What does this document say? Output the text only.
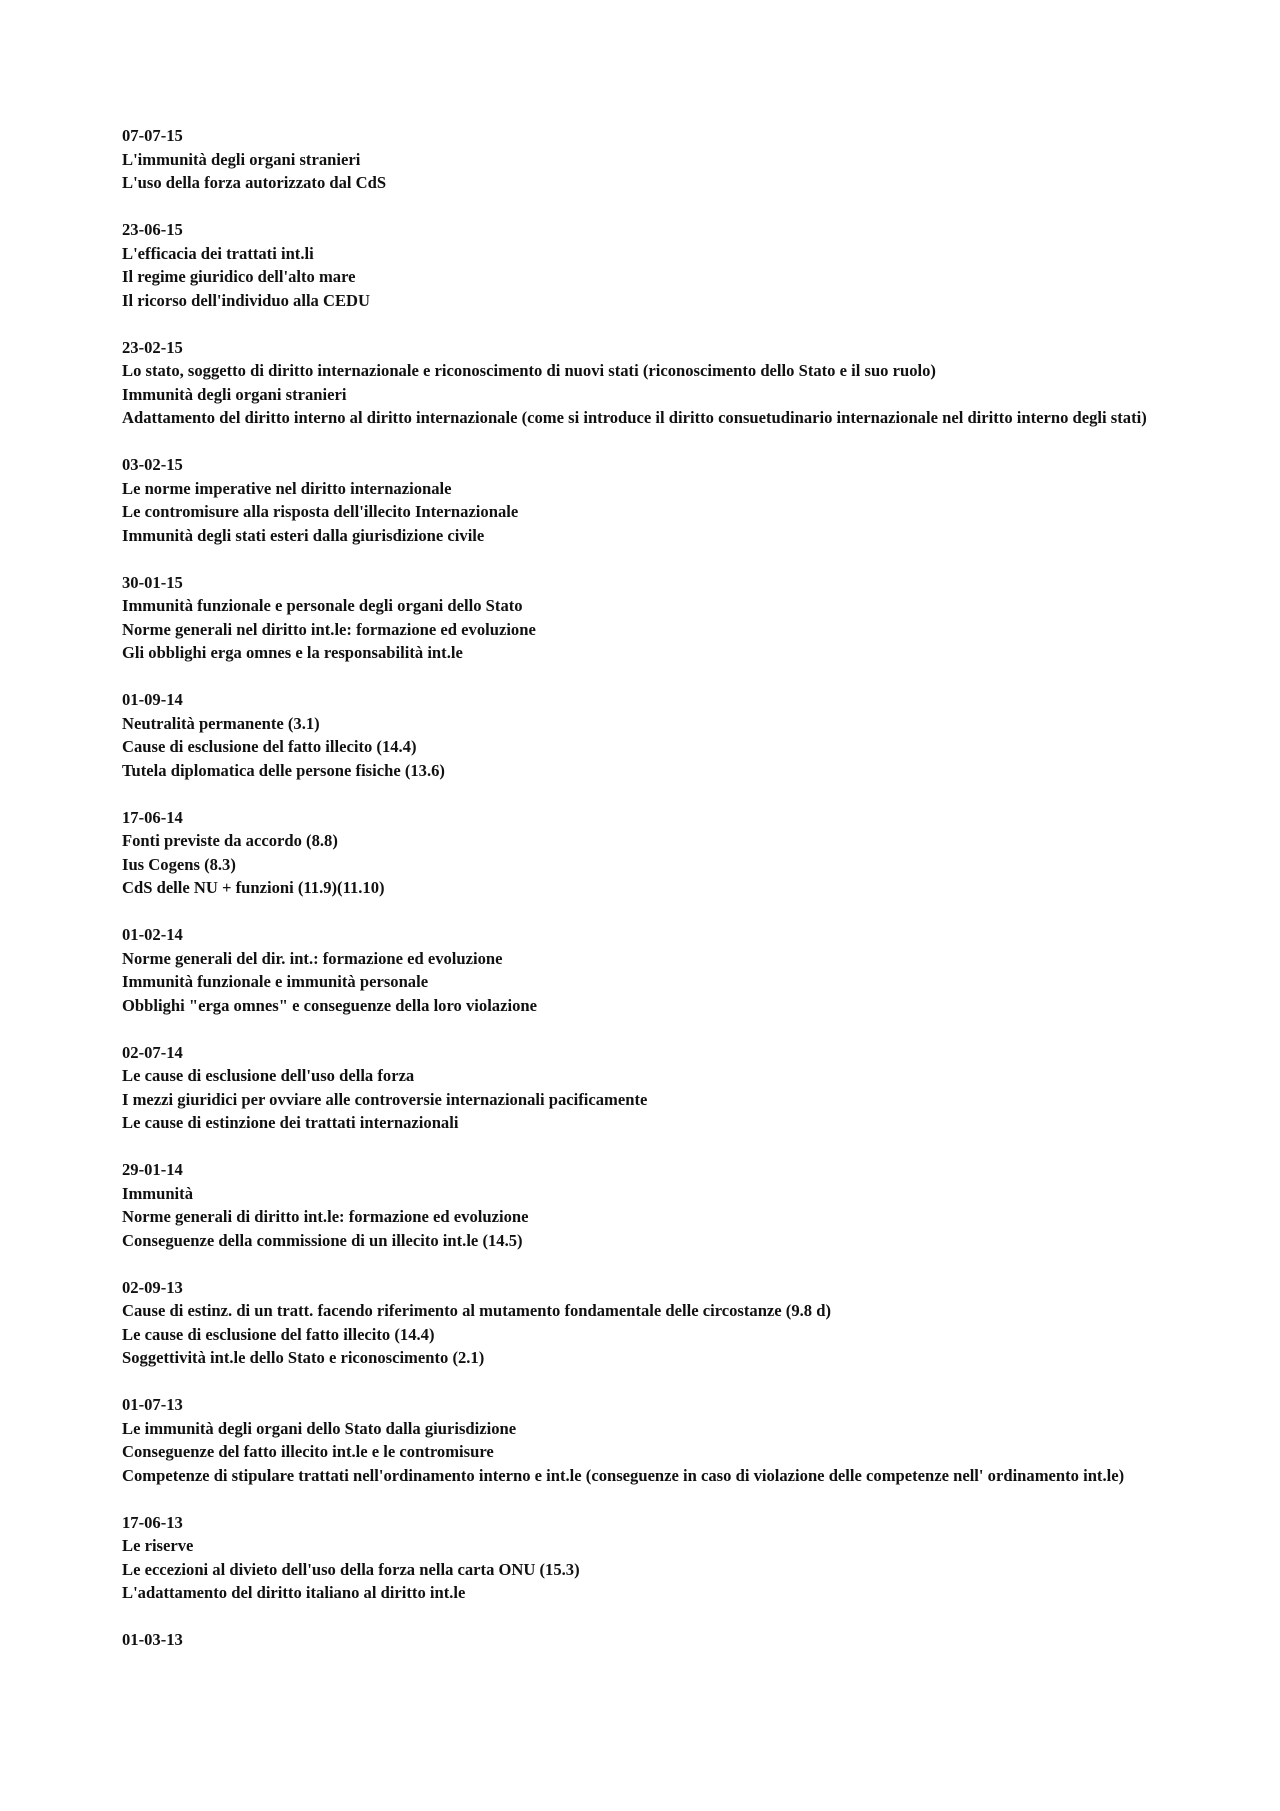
07-07-15
L'immunità degli organi stranieri
L'uso della forza autorizzato dal CdS
23-06-15
L'efficacia dei trattati int.li
Il regime giuridico dell'alto mare
Il ricorso dell'individuo alla CEDU
23-02-15
Lo stato, soggetto di diritto internazionale e riconoscimento di nuovi stati (riconoscimento dello Stato e il suo ruolo)
Immunità degli organi stranieri
Adattamento del diritto interno al diritto internazionale (come si introduce il diritto consuetudinario internazionale nel diritto interno degli stati)
03-02-15
Le norme imperative nel diritto internazionale
Le contromisure alla risposta dell'illecito Internazionale
Immunità degli stati esteri dalla giurisdizione civile
30-01-15
Immunità funzionale e personale degli organi dello Stato
Norme generali nel diritto int.le: formazione ed evoluzione
Gli obblighi erga omnes e la responsabilità int.le
01-09-14
Neutralità permanente (3.1)
Cause di esclusione del fatto illecito (14.4)
Tutela diplomatica delle persone fisiche (13.6)
17-06-14
Fonti previste da accordo (8.8)
Ius Cogens (8.3)
CdS delle NU + funzioni (11.9)(11.10)
01-02-14
Norme generali del dir. int.: formazione ed evoluzione
Immunità funzionale e immunità personale
Obblighi "erga omnes" e conseguenze della loro violazione
02-07-14
Le cause di esclusione dell'uso della forza
I mezzi giuridici per ovviare alle controversie internazionali pacificamente
Le cause di estinzione dei trattati internazionali
29-01-14
Immunità
Norme generali di diritto int.le: formazione ed evoluzione
Conseguenze della commissione di un illecito int.le (14.5)
02-09-13
Cause di estinz. di un tratt. facendo riferimento al mutamento fondamentale delle circostanze (9.8 d)
Le cause di esclusione del fatto illecito (14.4)
Soggettività int.le dello Stato e riconoscimento (2.1)
01-07-13
Le immunità degli organi dello Stato dalla giurisdizione
Conseguenze del fatto illecito int.le e le contromisure
Competenze di stipulare trattati nell'ordinamento interno e int.le (conseguenze in caso di violazione delle competenze nell' ordinamento int.le)
17-06-13
Le riserve
Le eccezioni al divieto dell'uso della forza nella carta ONU (15.3)
L'adattamento del diritto italiano al diritto int.le
01-03-13
